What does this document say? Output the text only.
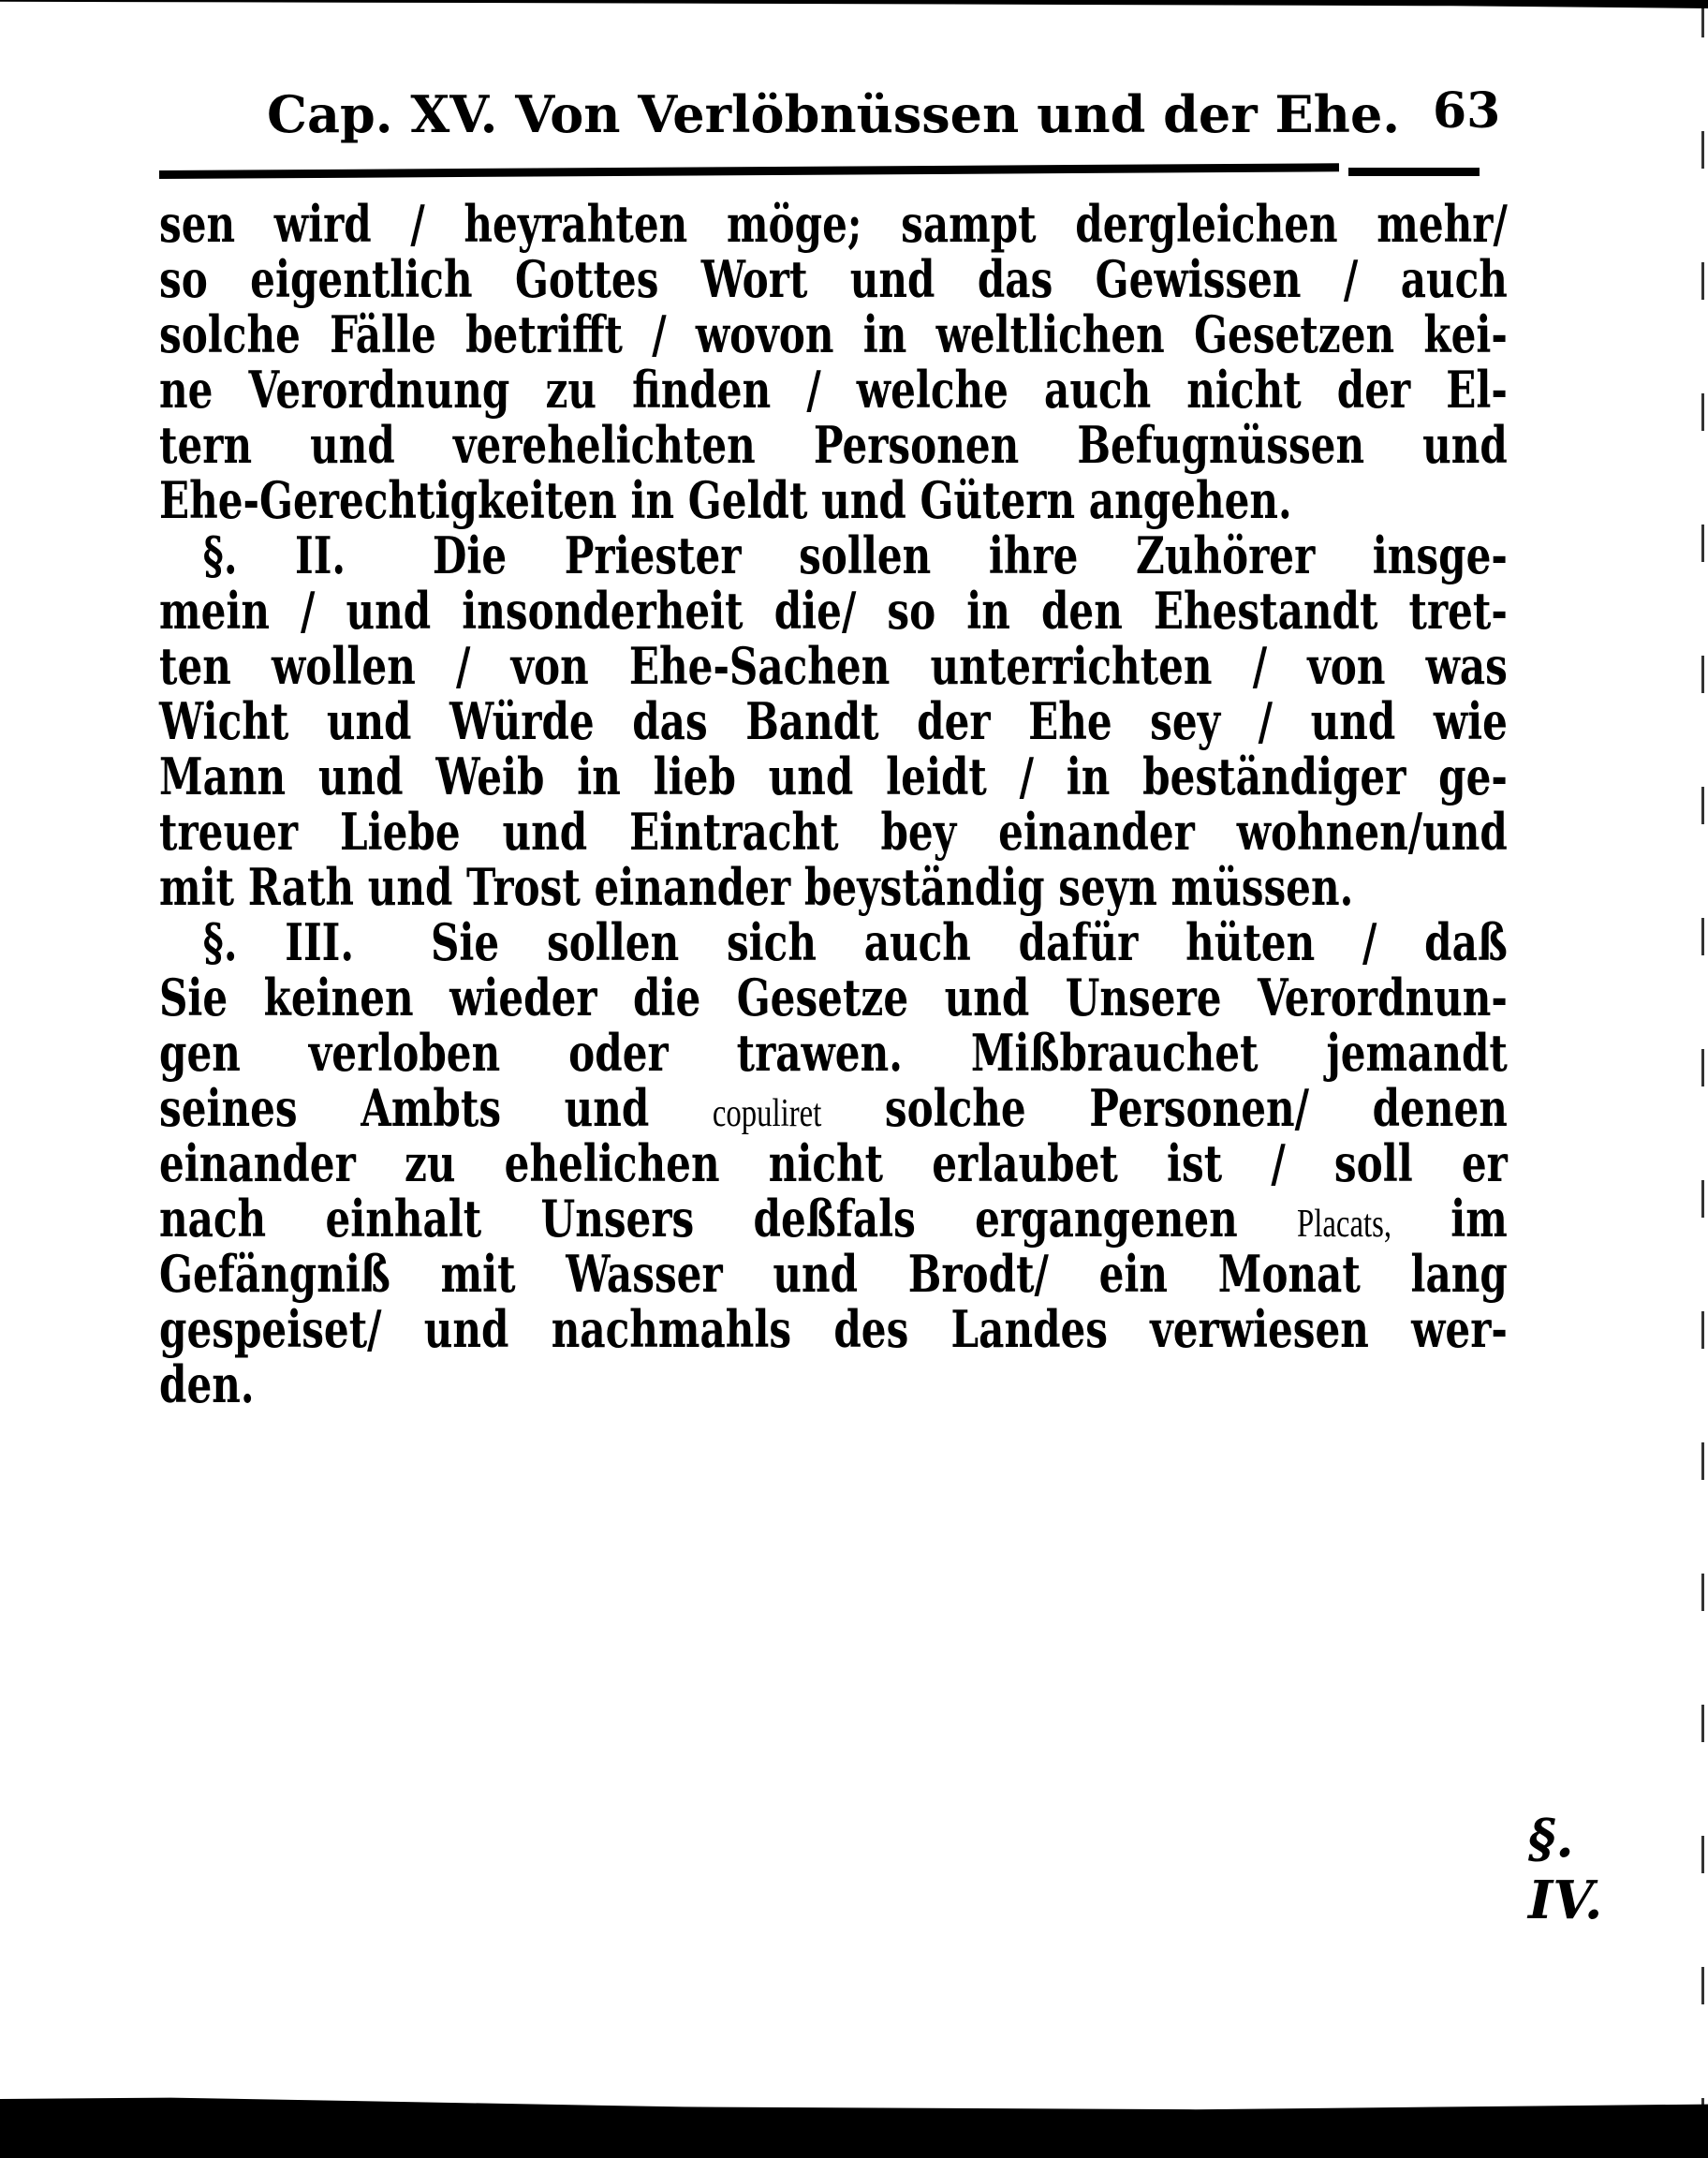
Cap. XV. Von Verlöbnüssen und der Ehe. 63
sen wird / heyrahten möge; sampt dergleichen mehr/
so eigentlich Gottes Wort und das Gewissen / auch
solche Fälle betrifft / wovon in weltlichen Gesetzen kei-
ne Verordnung zu finden / welche auch nicht der El-
tern und verehelichten Personen Befugnüssen und
Ehe-Gerechtigkeiten in Geldt und Gütern angehen.
§. II. Die Priester sollen ihre Zuhörer insge-
mein / und insonderheit die/ so in den Ehestandt tret-
ten wollen / von Ehe-Sachen unterrichten / von was
Wicht und Würde das Bandt der Ehe sey / und wie
Mann und Weib in lieb und leidt / in beständiger ge-
treuer Liebe und Eintracht bey einander wohnen/und
mit Rath und Trost einander beyständig seyn müssen.
§. III. Sie sollen sich auch dafür hüten / daß
Sie keinen wieder die Gesetze und Unsere Verordnun-
gen verloben oder trawen. Mißbrauchet jemandt
seines Ambts und copuliret solche Personen/ denen
einander zu ehelichen nicht erlaubet ist / soll er
nach einhalt Unsers deßfals ergangenen Placats, im
Gefängniß mit Wasser und Brodt/ ein Monat lang
gespeiset/ und nachmahls des Landes verwiesen wer-
den.
§. IV.
